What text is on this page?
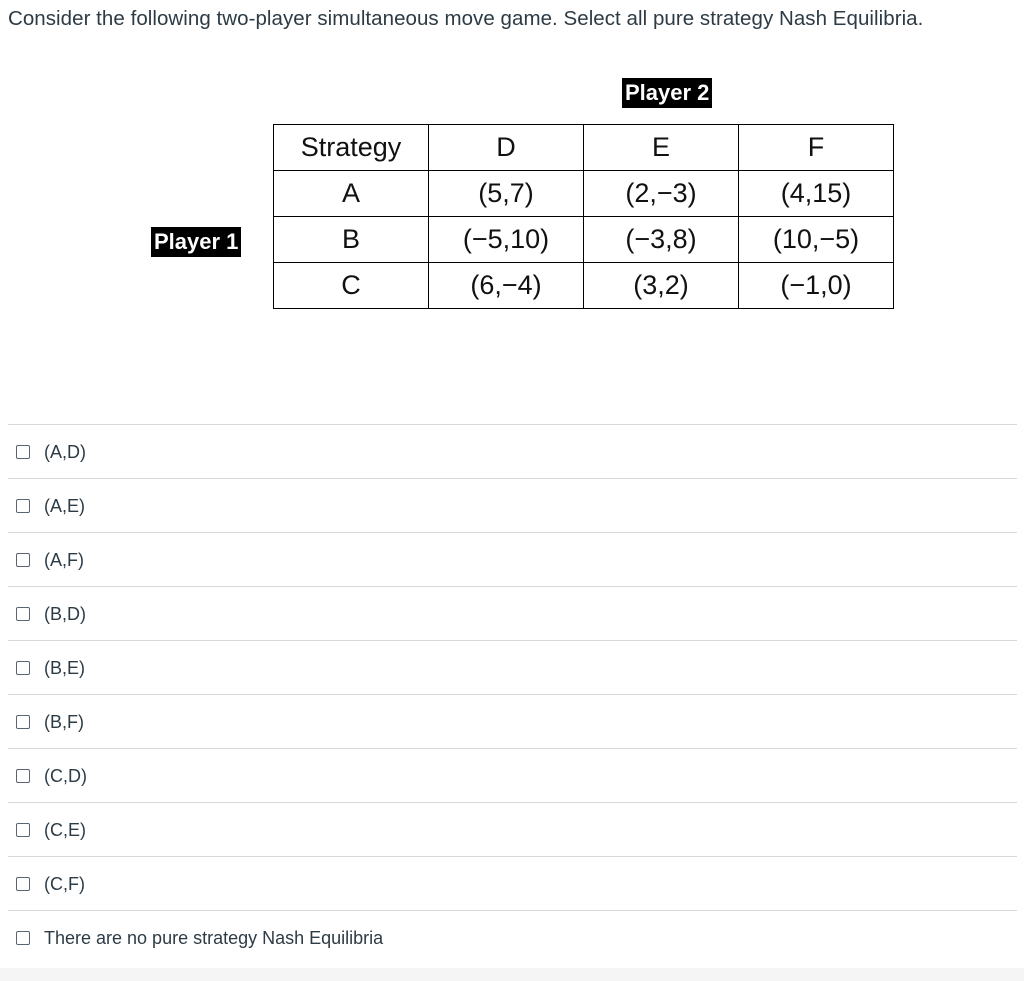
Consider the following two-player simultaneous move game. Select all pure strategy Nash Equilibria.
Player 2
Player 1
Strategy	D	E	F
A	(5,7)	(2,−3)	(4,15)
B	(−5,10)	(−3,8)	(10,−5)
C	(6,−4)	(3,2)	(−1,0)
(A,D)
(A,E)
(A,F)
(B,D)
(B,E)
(B,F)
(C,D)
(C,E)
(C,F)
There are no pure strategy Nash Equilibria
